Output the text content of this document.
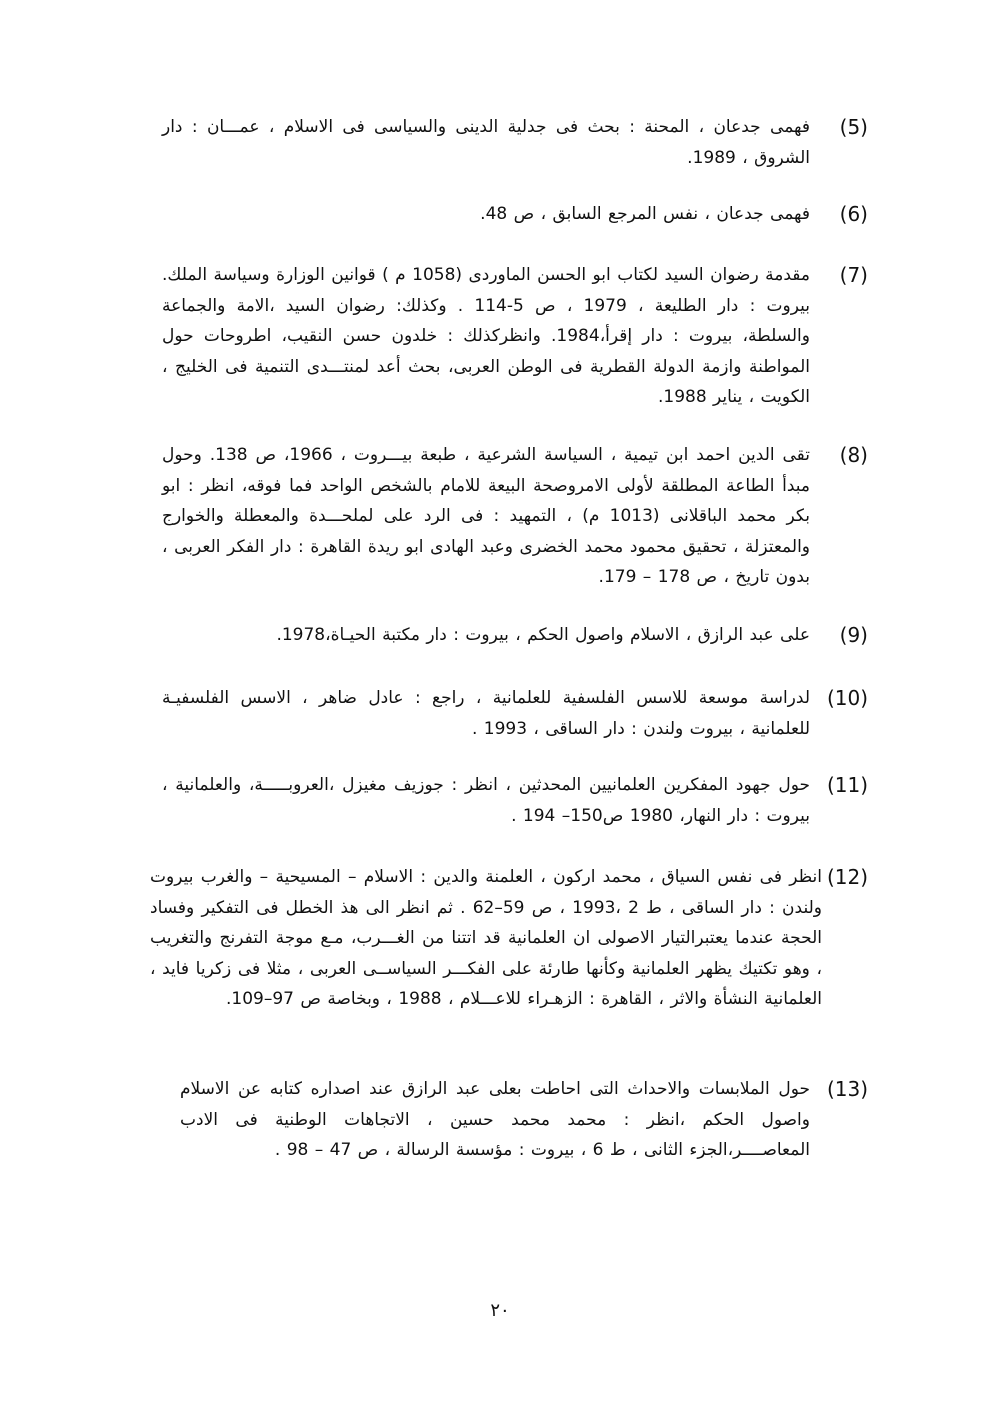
(5)
فهمى جدعان ، المحنة : بحث فى جدلية الدينى والسياسى فى الاسلام ، عمـــان : دار الشروق ، 1989.
(6)
فهمى جدعان ، نفس المرجع السابق ، ص 48.
(7)
مقدمة رضوان السيد لكتاب ابو الحسن الماوردى (1058 م ) قوانين الوزارة وسياسة الملك. بيروت : دار الطليعة ، 1979 ، ص 5-114 . وكذلك: رضوان السيد ،الامة والجماعة والسلطة، بيروت : دار إقرأ،1984. وانظركذلك : خلدون حسن النقيب، اطروحات حول المواطنة وازمة الدولة القطرية فى الوطن العربى، بحث أعد لمنتـــدى التنمية فى الخليج ، الكويت ، يناير 1988.
(8)
تقى الدين احمد ابن تيمية ، السياسة الشرعية ، طبعة بيـــروت ، 1966، ص 138. وحول مبدأ الطاعة المطلقة لأولى الامروصحة البيعة للامام بالشخص الواحد فما فوقه، انظر : ابو بكر محمد الباقلانى (1013 م) ، التمهيد : فى الرد على لملحـــدة والمعطلة والخوارج والمعتزلة ، تحقيق محمود محمد الخضرى وعبد الهادى ابو ريدة القاهرة : دار الفكر العربى ، بدون تاريخ ، ص 178 – 179.
(9)
على عبد الرازق ، الاسلام واصول الحكم ، بيروت : دار مكتبة الحيـاة،1978.
(10)
لدراسة موسعة للاسس الفلسفية للعلمانية ، راجع : عادل ضاهر ، الاسس الفلسفيـة للعلمانية ، بيروت ولندن : دار الساقى ، 1993 .
(11)
حول جهود المفكرين العلمانيين المحدثين ، انظر : جوزيف مغيزل ،العروبـــــة، والعلمانية ، بيروت : دار النهار، 1980 ص150– 194 .
(12)
انظر فى نفس السياق ، محمد اركون ، العلمنة والدين : الاسلام – المسيحية – والغرب بيروت ولندن : دار الساقى ، ط 2 ،1993 ، ص 59–62 . ثم انظر الى هذ الخطل فى التفكير وفساد الحجة عندما يعتبرالتيار الاصولى ان العلمانية قد اتتنا من الغـــرب، مـع موجة التفرنج والتغريب ، وهو تكتيك يظهر العلمانية وكأنها طارئة على الفكـــر السياســى العربى ، مثلا فى زكريا فايد ، العلمانية النشأة والاثر ، القاهرة : الزهـراء للاعـــلام ، 1988 ، وبخاصة ص 97–109.
(13)
حول الملابسات والاحداث التى احاطت بعلى عبد الرازق عند اصداره كتابه عن الاسلام واصول الحكم ،انظر : محمد محمد حسين ، الاتجاهات الوطنية فى الادب المعاصــــر،الجزء الثانى ، ط 6 ، بيروت : مؤسسة الرسالة ، ص 47 – 98 .
٢٠
